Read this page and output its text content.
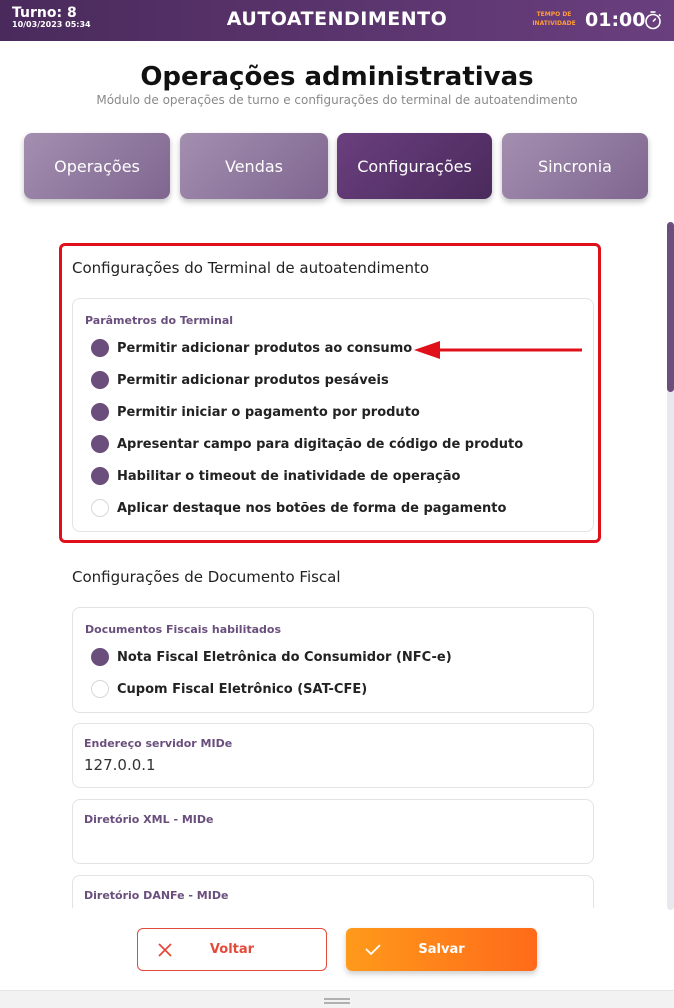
Turno: 8
10/03/2023 05:34	AUTOATENDIMENTO	TEMPO DE
INATIVIDADE 01:00
Operações administrativas
Módulo de operações de turno e configurações do terminal de autoatendimento
Operações	Vendas	Configurações	Sincronia
Configurações do Terminal de autoatendimento
Parâmetros do Terminal
Permitir adicionar produtos ao consumo
Permitir adicionar produtos pesáveis
Permitir iniciar o pagamento por produto
Apresentar campo para digitação de código de produto
Habilitar o timeout de inatividade de operação
Aplicar destaque nos botões de forma de pagamento
Configurações de Documento Fiscal
Documentos Fiscais habilitados
Nota Fiscal Eletrônica do Consumidor (NFC-e)
Cupom Fiscal Eletrônico (SAT-CFE)
Endereço servidor MIDe
127.0.0.1
Diretório XML - MIDe
Diretório DANFe - MIDe
Voltar	Salvar
